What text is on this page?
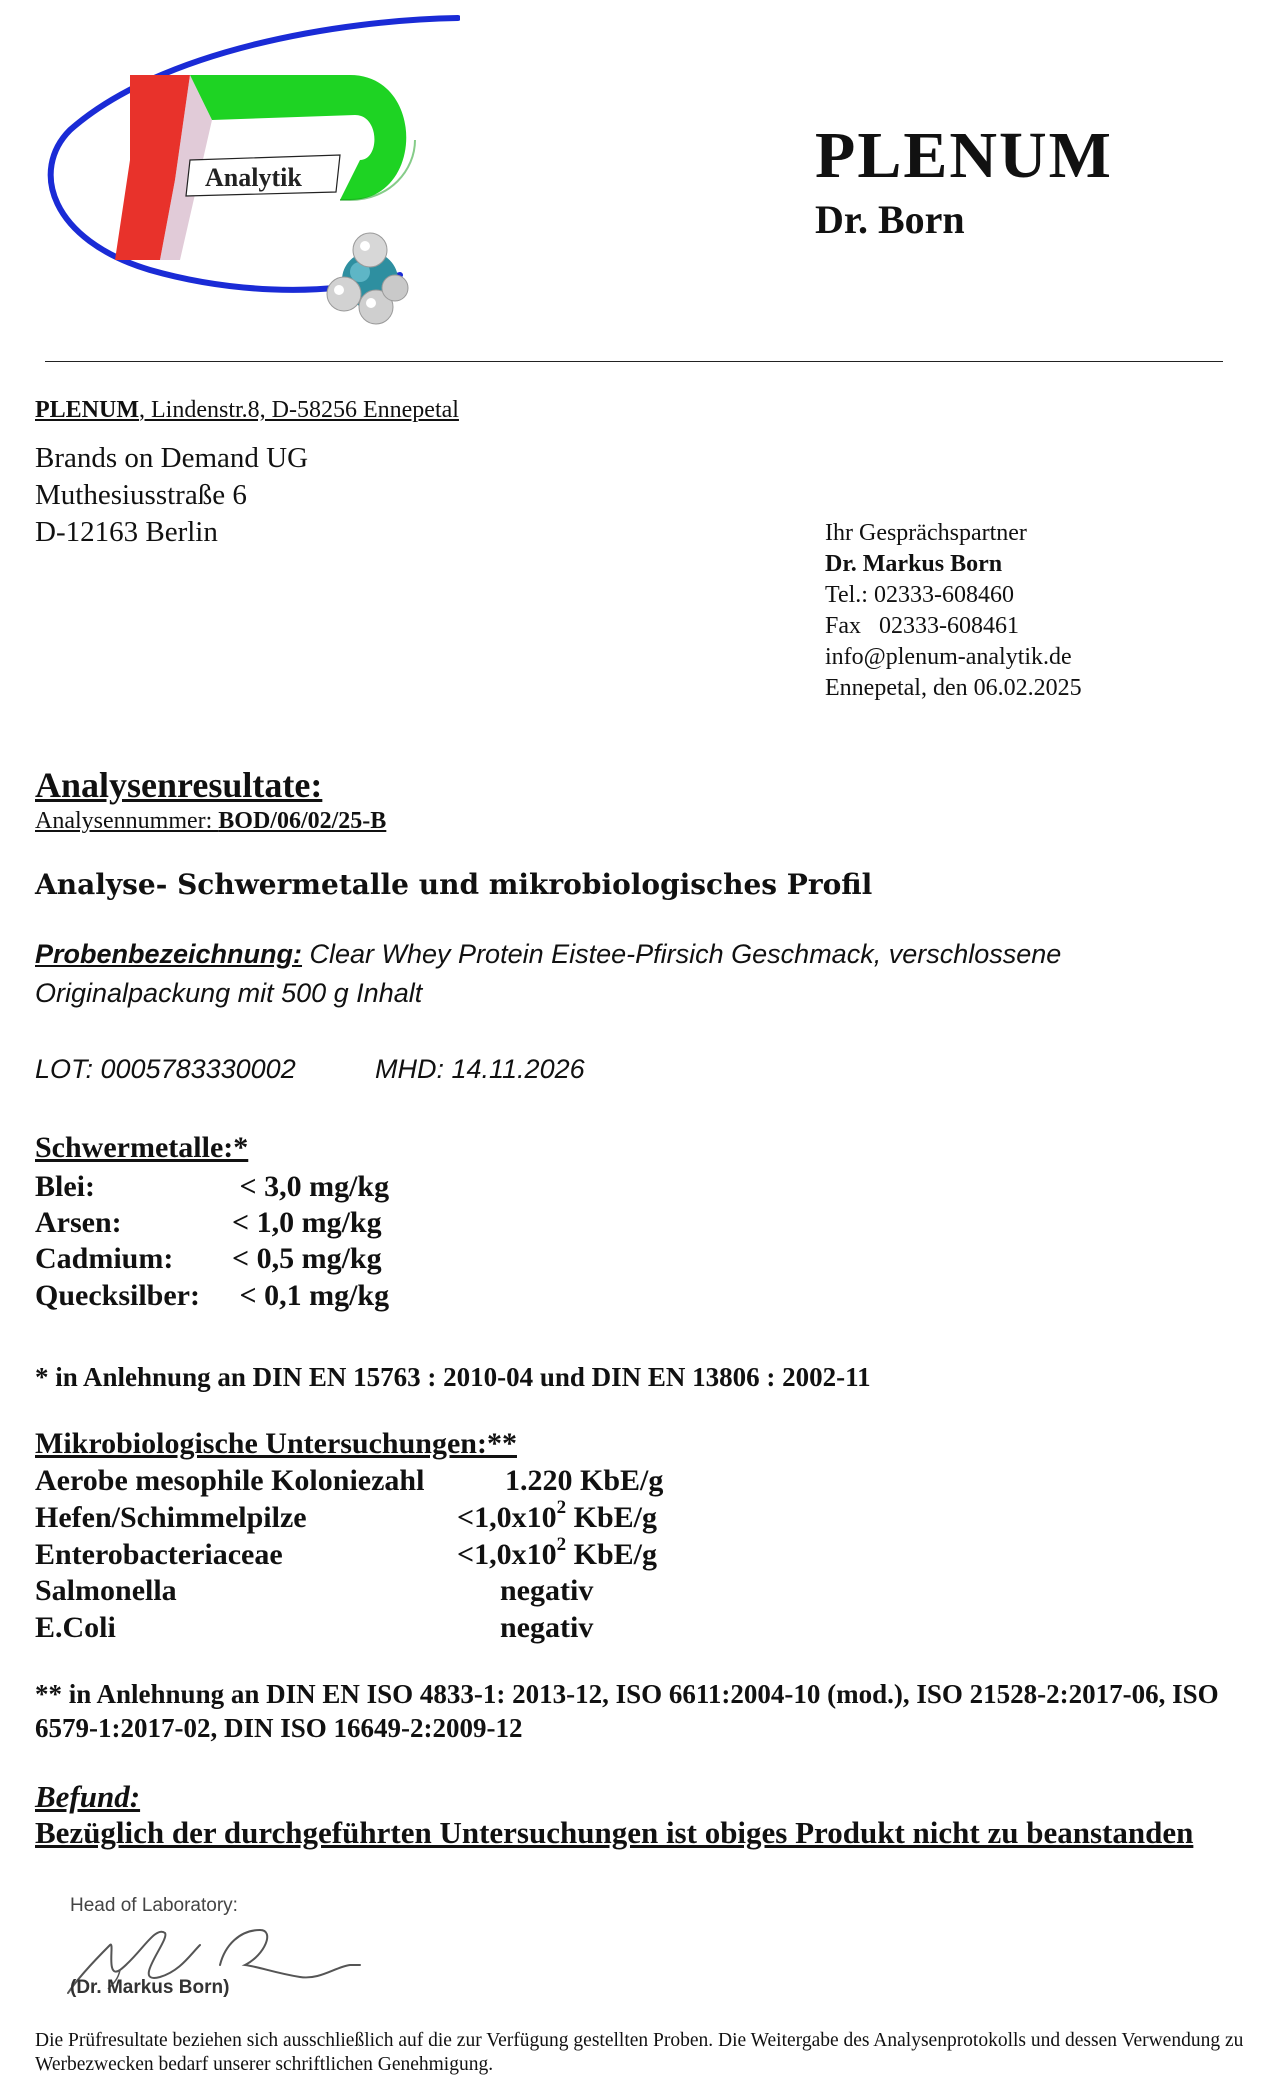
Analytik	PLENUM
Dr. Born
PLENUM, Lindenstr.8, D-58256 Ennepetal
Brands on Demand UG
Muthesiusstraße 6
D-12163 Berlin	Ihr Gesprächspartner
Dr. Markus Born
Tel.: 02333-608460
Fax   02333-608461
info@plenum-analytik.de
Ennepetal, den 06.02.2025
Analysenresultate:
Analysennummer: BOD/06/02/25-B
Analyse- Schwermetalle und mikrobiologisches Profil
Probenbezeichnung: Clear Whey Protein Eistee-Pfirsich Geschmack, verschlossene Originalpackung mit 500 g Inhalt
LOT: 0005783330002	MHD: 14.11.2026
Schwermetalle:*
Blei:	< 3,0 mg/kg
Arsen:	< 1,0 mg/kg
Cadmium: < 0,5 mg/kg
Quecksilber: < 0,1 mg/kg
* in Anlehnung an DIN EN 15763 : 2010-04 und DIN EN 13806 : 2002-11
Mikrobiologische Untersuchungen:**
Aerobe mesophile Koloniezahl	1.220 KbE/g
Hefen/Schimmelpilze	$<1,0x10^2$ KbE/g
Enterobacteriaceae	$<1,0x10^2$ KbE/g
Salmonella	negativ
E.Coli	negativ
** in Anlehnung an DIN EN ISO 4833-1: 2013-12, ISO 6611:2004-10 (mod.), ISO 21528-2:2017-06, ISO 6579-1:2017-02, DIN ISO 16649-2:2009-12
Befund:
Bezüglich der durchgeführten Untersuchungen ist obiges Produkt nicht zu beanstanden
Head of Laboratory:
(Dr. Markus Born)
Die Prüfresultate beziehen sich ausschließlich auf die zur Verfügung gestellten Proben. Die Weitergabe des Analysenprotokolls und dessen Verwendung zu Werbezwecken bedarf unserer schriftlichen Genehmigung.
